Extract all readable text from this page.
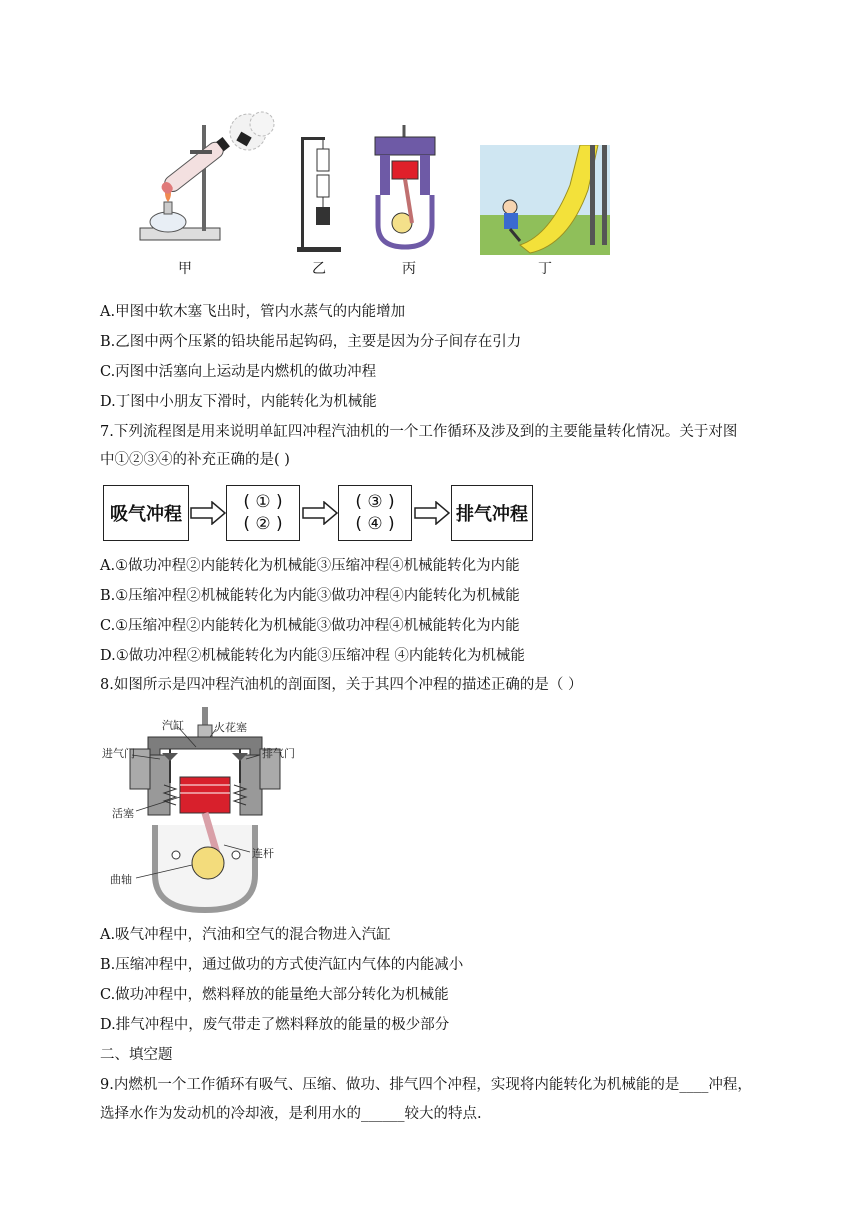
甲	乙	丙	丁
A.甲图中软木塞飞出时，管内水蒸气的内能增加
B.乙图中两个压紧的铅块能吊起钩码，主要是因为分子间存在引力
C.丙图中活塞向上运动是内燃机的做功冲程
D.丁图中小朋友下滑时，内能转化为机械能
7.下列流程图是用来说明单缸四冲程汽油机的一个工作循环及涉及到的主要能量转化情况。关于对图
中①②③④的补充正确的是( )
吸气冲程
( ① )
( ② )
( ③ )
( ④ )	排气冲程
A.①做功冲程②内能转化为机械能③压缩冲程④机械能转化为内能
B.①压缩冲程②机械能转化为内能③做功冲程④内能转化为机械能
C.①压缩冲程②内能转化为机械能③做功冲程④机械能转化为内能
D.①做功冲程②机械能转化为内能③压缩冲程 ④内能转化为机械能
8.如图所示是四冲程汽油机的剖面图，关于其四个冲程的描述正确的是（ ）
汽缸	火花塞
进气门	排气门
活塞
连杆
曲轴
A.吸气冲程中，汽油和空气的混合物进入汽缸
B.压缩冲程中，通过做功的方式使汽缸内气体的内能减小
C.做功冲程中，燃料释放的能量绝大部分转化为机械能
D.排气冲程中，废气带走了燃料释放的能量的极少部分
二、填空题
9.内燃机一个工作循环有吸气、压缩、做功、排气四个冲程，实现将内能转化为机械能的是____冲程，
选择水作为发动机的冷却液，是利用水的______较大的特点.
